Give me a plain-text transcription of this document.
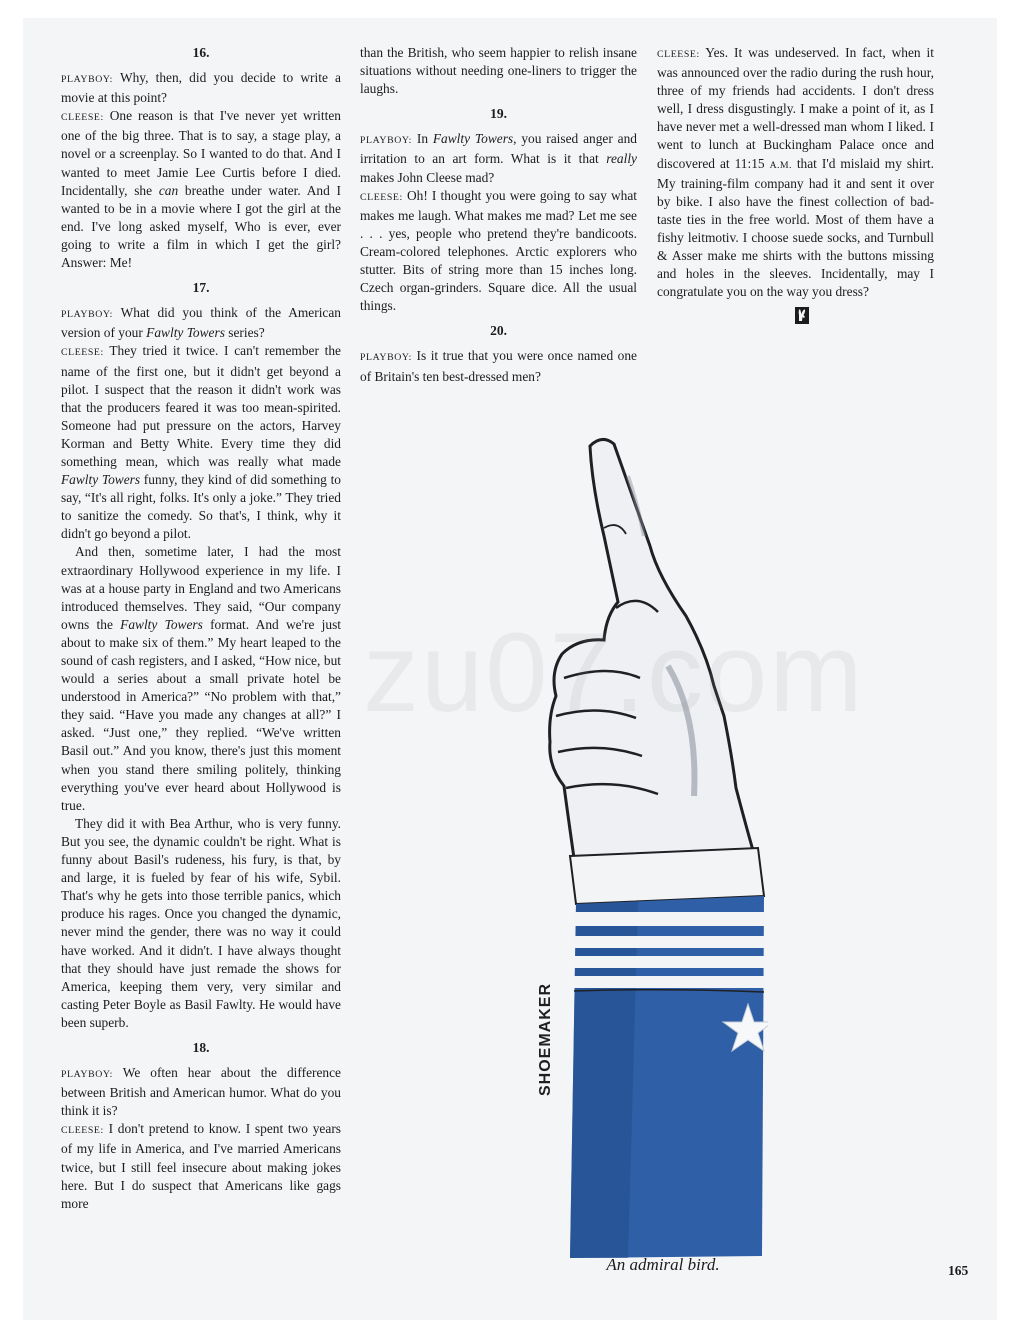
16.

PLAYBOY: Why, then, did you decide to write a movie at this point?

CLEESE: One reason is that I've never yet written one of the big three. That is to say, a stage play, a novel or a screenplay. So I wanted to do that. And I wanted to meet Jamie Lee Curtis before I died. Incidentally, she can breathe under water. And I wanted to be in a movie where I got the girl at the end. I've long asked myself, Who is ever, ever going to write a film in which I get the girl? Answer: Me!

17.

PLAYBOY: What did you think of the American version of your Fawlty Towers series?

CLEESE: They tried it twice. I can't remember the name of the first one, but it didn't get beyond a pilot. I suspect that the reason it didn't work was that the producers feared it was too mean-spirited. Someone had put pressure on the actors, Harvey Korman and Betty White. Every time they did something mean, which was really what made Fawlty Towers funny, they kind of did something to say, “It's all right, folks. It's only a joke.” They tried to sanitize the comedy. So that's, I think, why it didn't go beyond a pilot.

And then, sometime later, I had the most extraordinary Hollywood experience in my life. I was at a house party in England and two Americans introduced themselves. They said, “Our company owns the Fawlty Towers format. And we're just about to make six of them.” My heart leaped to the sound of cash registers, and I asked, “How nice, but would a series about a small private hotel be understood in America?” “No problem with that,” they said. “Have you made any changes at all?” I asked. “Just one,” they replied. “We've written Basil out.” And you know, there's just this moment when you stand there smiling politely, thinking everything you've ever heard about Hollywood is true.

They did it with Bea Arthur, who is very funny. But you see, the dynamic couldn't be right. What is funny about Basil's rudeness, his fury, is that, by and large, it is fueled by fear of his wife, Sybil. That's why he gets into those terrible panics, which produce his rages. Once you changed the dynamic, never mind the gender, there was no way it could have worked. And it didn't. I have always thought that they should have just remade the shows for America, keeping them very, very similar and casting Peter Boyle as Basil Fawlty. He would have been superb.

18.

PLAYBOY: We often hear about the difference between British and American humor. What do you think it is?

CLEESE: I don't pretend to know. I spent two years of my life in America, and I've married Americans twice, but I still feel insecure about making jokes here. But I do suspect that Americans like gags more

than the British, who seem happier to relish insane situations without needing one-liners to trigger the laughs.

19.

PLAYBOY: In Fawlty Towers, you raised anger and irritation to an art form. What is it that really makes John Cleese mad?

CLEESE: Oh! I thought you were going to say what makes me laugh. What makes me mad? Let me see . . . yes, people who pretend they're bandicoots. Cream-colored telephones. Arctic explorers who stutter. Bits of string more than 15 inches long. Czech organ-grinders. Square dice. All the usual things.

20.

PLAYBOY: Is it true that you were once named one of Britain's ten best-dressed men?

CLEESE: Yes. It was undeserved. In fact, when it was announced over the radio during the rush hour, three of my friends had accidents. I don't dress well, I dress disgustingly. I make a point of it, as I have never met a well-dressed man whom I liked. I went to lunch at Buckingham Palace once and discovered at 11:15 A.M. that I'd mislaid my shirt. My training-film company had it and sent it over by bike. I also have the finest collection of bad-taste ties in the free world. Most of them have a fishy leitmotiv. I choose suede socks, and Turnbull & Asser make me shirts with the buttons missing and holes in the sleeves. Incidentally, may I congratulate you on the way you dress?

SHOEMAKER
An admiral bird.	165
